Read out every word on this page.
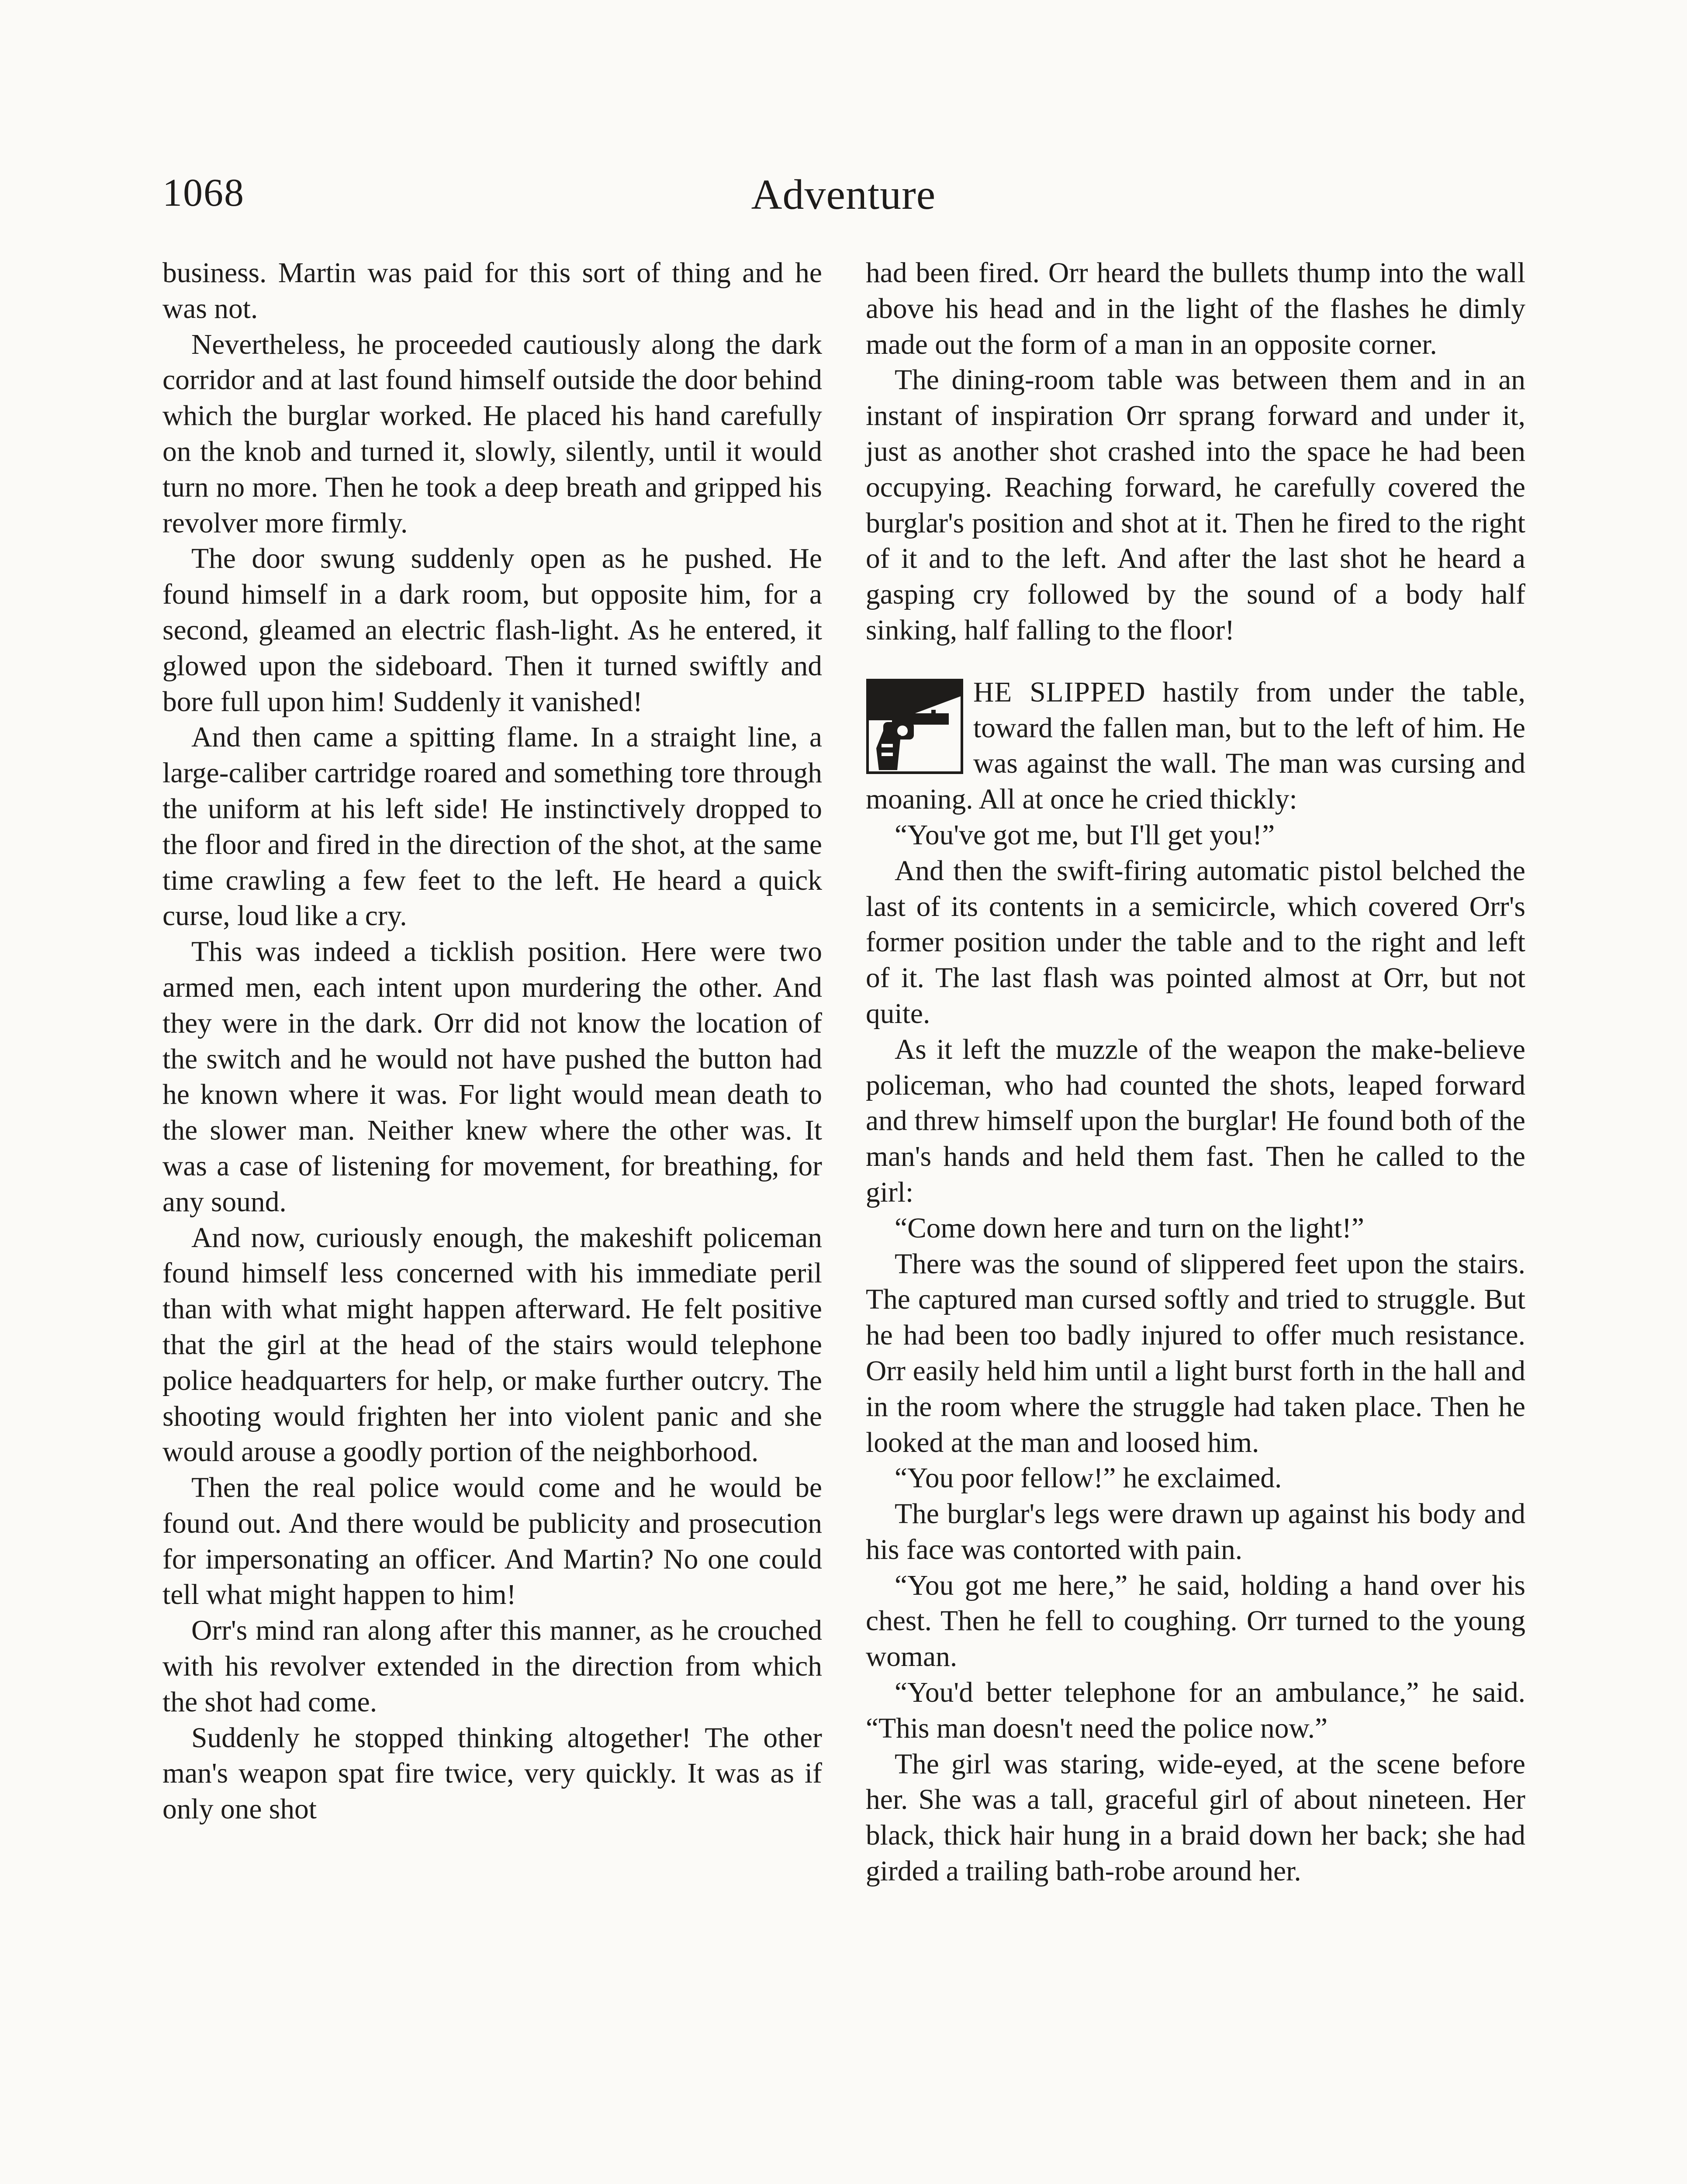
1068	Adventure

business. Martin was paid for this sort of thing and he was not.

Nevertheless, he proceeded cautiously along the dark corridor and at last found himself outside the door behind which the burglar worked. He placed his hand carefully on the knob and turned it, slowly, silently, until it would turn no more. Then he took a deep breath and gripped his revolver more firmly.

The door swung suddenly open as he pushed. He found himself in a dark room, but opposite him, for a second, gleamed an electric flash-light. As he entered, it glowed upon the sideboard. Then it turned swiftly and bore full upon him! Suddenly it vanished!

And then came a spitting flame. In a straight line, a large-caliber cartridge roared and something tore through the uniform at his left side! He instinctively dropped to the floor and fired in the direction of the shot, at the same time crawling a few feet to the left. He heard a quick curse, loud like a cry.

This was indeed a ticklish position. Here were two armed men, each intent upon murdering the other. And they were in the dark. Orr did not know the location of the switch and he would not have pushed the button had he known where it was. For light would mean death to the slower man. Neither knew where the other was. It was a case of listening for movement, for breathing, for any sound.

And now, curiously enough, the makeshift policeman found himself less concerned with his immediate peril than with what might happen afterward. He felt positive that the girl at the head of the stairs would telephone police headquarters for help, or make further outcry. The shooting would frighten her into violent panic and she would arouse a goodly portion of the neighborhood.

Then the real police would come and he would be found out. And there would be publicity and prosecution for impersonating an officer. And Martin? No one could tell what might happen to him!

Orr's mind ran along after this manner, as he crouched with his revolver extended in the direction from which the shot had come.

Suddenly he stopped thinking altogether! The other man's weapon spat fire twice, very quickly. It was as if only one shot

had been fired. Orr heard the bullets thump into the wall above his head and in the light of the flashes he dimly made out the form of a man in an opposite corner.

The dining-room table was between them and in an instant of inspiration Orr sprang forward and under it, just as another shot crashed into the space he had been occupying. Reaching forward, he carefully covered the burglar's position and shot at it. Then he fired to the right of it and to the left. And after the last shot he heard a gasping cry followed by the sound of a body half sinking, half falling to the floor!

HE SLIPPED hastily from under the table, toward the fallen man, but to the left of him. He was against the wall. The man was cursing and moaning. All at once he cried thickly:

“You've got me, but I'll get you!”

And then the swift-firing automatic pistol belched the last of its contents in a semicircle, which covered Orr's former position under the table and to the right and left of it. The last flash was pointed almost at Orr, but not quite.

As it left the muzzle of the weapon the make-believe policeman, who had counted the shots, leaped forward and threw himself upon the burglar! He found both of the man's hands and held them fast. Then he called to the girl:

“Come down here and turn on the light!”

There was the sound of slippered feet upon the stairs. The captured man cursed softly and tried to struggle. But he had been too badly injured to offer much resistance. Orr easily held him until a light burst forth in the hall and in the room where the struggle had taken place. Then he looked at the man and loosed him.

“You poor fellow!” he exclaimed.

The burglar's legs were drawn up against his body and his face was contorted with pain.

“You got me here,” he said, holding a hand over his chest. Then he fell to coughing. Orr turned to the young woman.

“You'd better telephone for an ambulance,” he said. “This man doesn't need the police now.”

The girl was staring, wide-eyed, at the scene before her. She was a tall, graceful girl of about nineteen. Her black, thick hair hung in a braid down her back; she had girded a trailing bath-robe around her.
